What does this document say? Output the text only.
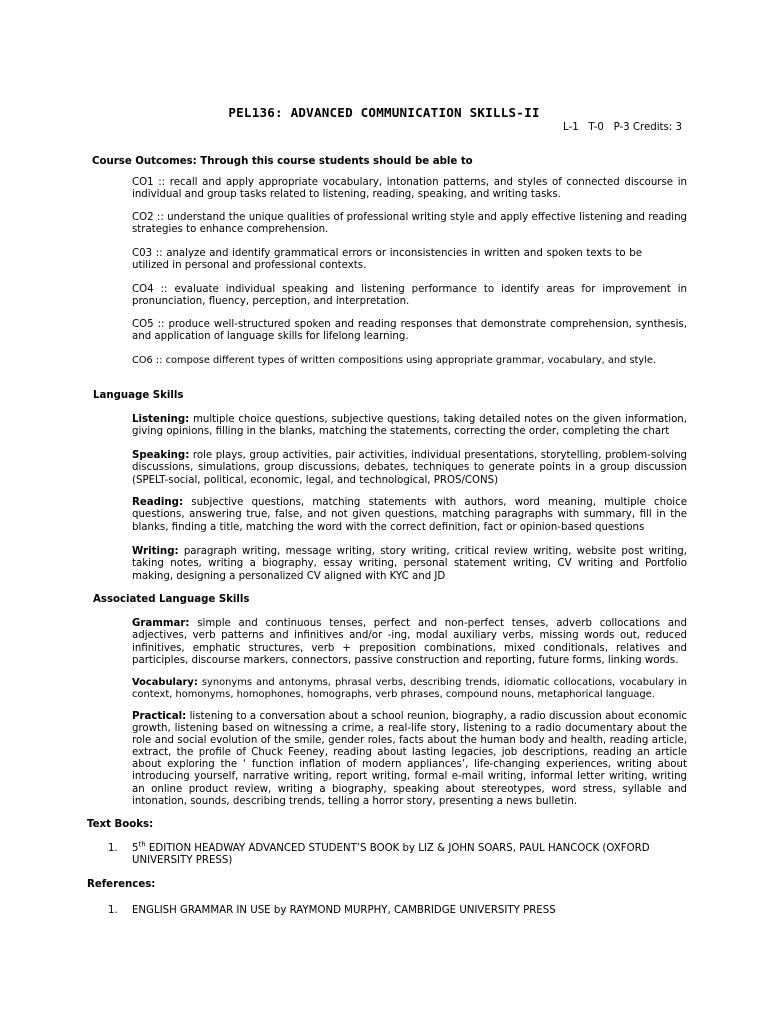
PEL136: ADVANCED COMMUNICATION SKILLS-II
L-1   T-0   P-3 Credits: 3
Course Outcomes: Through this course students should be able to
CO1 :: recall and apply appropriate vocabulary, intonation patterns, and styles of connected discourse in individual and group tasks related to listening, reading, speaking, and writing tasks.
CO2 :: understand the unique qualities of professional writing style and apply effective listening and reading strategies to enhance comprehension.
C03 :: analyze and identify grammatical errors or inconsistencies in written and spoken texts to be utilized in personal and professional contexts.
CO4 :: evaluate individual speaking and listening performance to identify areas for improvement in pronunciation, fluency, perception, and interpretation.
CO5 :: produce well-structured spoken and reading responses that demonstrate comprehension, synthesis, and application of language skills for lifelong learning.
CO6 :: compose different types of written compositions using appropriate grammar, vocabulary, and style.
Language Skills
Listening: multiple choice questions, subjective questions, taking detailed notes on the given information, giving opinions, filling in the blanks, matching the statements, correcting the order, completing the chart
Speaking: role plays, group activities, pair activities, individual presentations, storytelling, problem-solving discussions, simulations, group discussions, debates, techniques to generate points in a group discussion (SPELT-social, political, economic, legal, and technological, PROS/CONS)
Reading: subjective questions, matching statements with authors, word meaning, multiple choice questions, answering true, false, and not given questions, matching paragraphs with summary, fill in the blanks, finding a title, matching the word with the correct definition, fact or opinion-based questions
Writing: paragraph writing, message writing, story writing, critical review writing, website post writing, taking notes, writing a biography, essay writing, personal statement writing, CV writing and Portfolio making, designing a personalized CV aligned with KYC and JD
Associated Language Skills
Grammar: simple and continuous tenses, perfect and non-perfect tenses, adverb collocations and adjectives, verb patterns and infinitives and/or -ing, modal auxiliary verbs, missing words out, reduced infinitives, emphatic structures, verb + preposition combinations, mixed conditionals, relatives and participles, discourse markers, connectors, passive construction and reporting, future forms, linking words.
Vocabulary: synonyms and antonyms, phrasal verbs, describing trends, idiomatic collocations, vocabulary in context, homonyms, homophones, homographs, verb phrases, compound nouns, metaphorical language.
Practical: listening to a conversation about a school reunion, biography, a radio discussion about economic growth, listening based on witnessing a crime, a real-life story, listening to a radio documentary about the role and social evolution of the smile, gender roles, facts about the human body and health, reading article, extract, the profile of Chuck Feeney, reading about lasting legacies, job descriptions, reading an article about exploring the ‘ function inflation of modern appliances’, life-changing experiences, writing about introducing yourself, narrative writing, report writing, formal e-mail writing, informal letter writing, writing an online product review, writing a biography, speaking about stereotypes, word stress, syllable and intonation, sounds, describing trends, telling a horror story, presenting a news bulletin.
Text Books:
1. 5th EDITION HEADWAY ADVANCED STUDENT’S BOOK by LIZ & JOHN SOARS, PAUL HANCOCK (OXFORD UNIVERSITY PRESS)
References:
1. ENGLISH GRAMMAR IN USE by RAYMOND MURPHY, CAMBRIDGE UNIVERSITY PRESS
